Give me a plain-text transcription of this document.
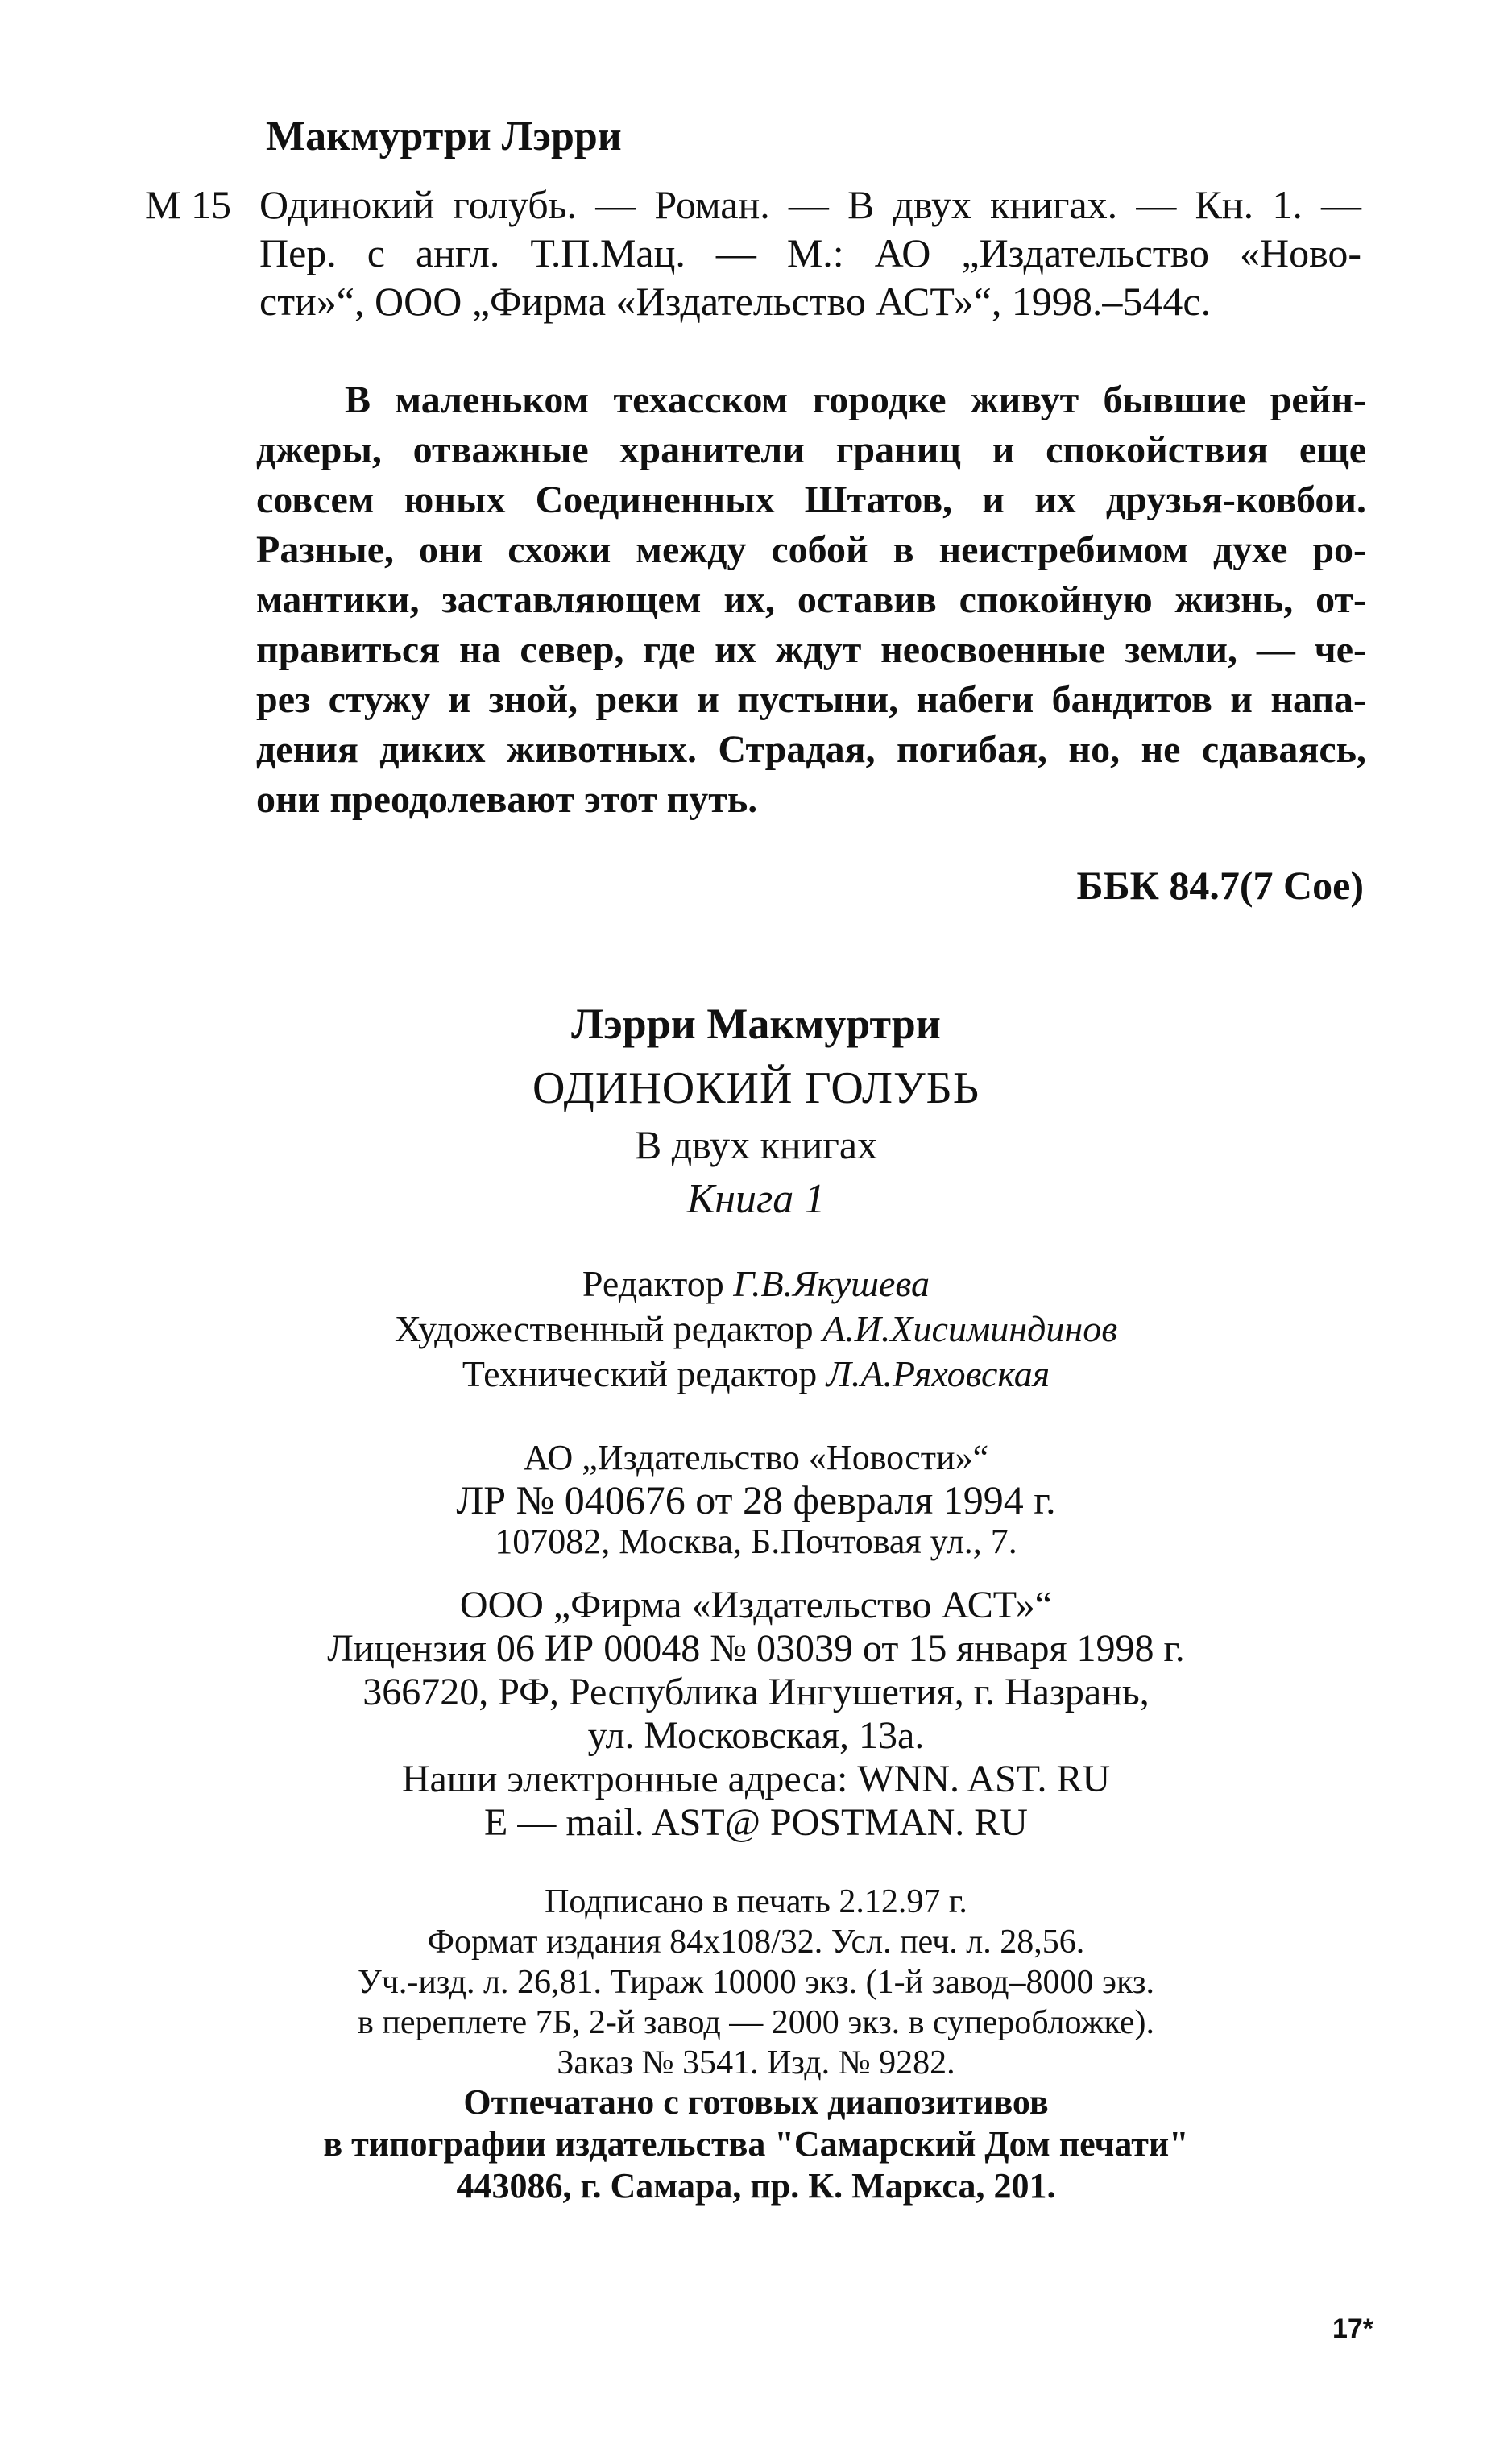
Макмуртри Лэрри
М 15 Одинокий голубь. — Роман. — В двух книгах. — Кн. 1. —
Пер. с англ. Т.П.Мац. — М.: АО „Издательство «Ново-
сти»“, ООО „Фирма «Издательство АСТ»“, 1998.–544с.
В маленьком техасском городке живут бывшие рейн-
джеры, отважные хранители границ и спокойствия еще
совсем юных Соединенных Штатов, и их друзья-ковбои.
Разные, они схожи между собой в неистребимом духе ро-
мантики, заставляющем их, оставив спокойную жизнь, от-
правиться на север, где их ждут неосвоенные земли, — че-
рез стужу и зной, реки и пустыни, набеги бандитов и напа-
дения диких животных. Страдая, погибая, но, не сдаваясь,
они преодолевают этот путь.
ББК 84.7(7 Сое)
Лэрри Макмуртри
ОДИНОКИЙ ГОЛУБЬ
В двух книгах
Книга 1
Редактор Г.В.Якушева
Художественный редактор А.И.Хисиминдинов
Технический редактор Л.А.Ряховская
АО „Издательство «Новости»“
ЛР № 040676 от 28 февраля 1994 г.
107082, Москва, Б.Почтовая ул., 7.
ООО „Фирма «Издательство АСТ»“
Лицензия 06 ИР 00048 № 03039 от 15 января 1998 г.
366720, РФ, Республика Ингушетия, г. Назрань,
ул. Московская, 13а.
Наши электронные адреса: WNN. AST. RU
E — mail. AST@ POSTMAN. RU
Подписано в печать 2.12.97 г.
Формат издания 84x108/32. Усл. печ. л. 28,56.
Уч.-изд. л. 26,81. Тираж 10000 экз. (1-й завод–8000 экз.
в переплете 7Б, 2-й завод — 2000 экз. в суперобложке).
Заказ № 3541. Изд. № 9282.
Отпечатано с готовых диапозитивов
в типографии издательства "Самарский Дом печати"
443086, г. Самара, пр. К. Маркса, 201.
17*
